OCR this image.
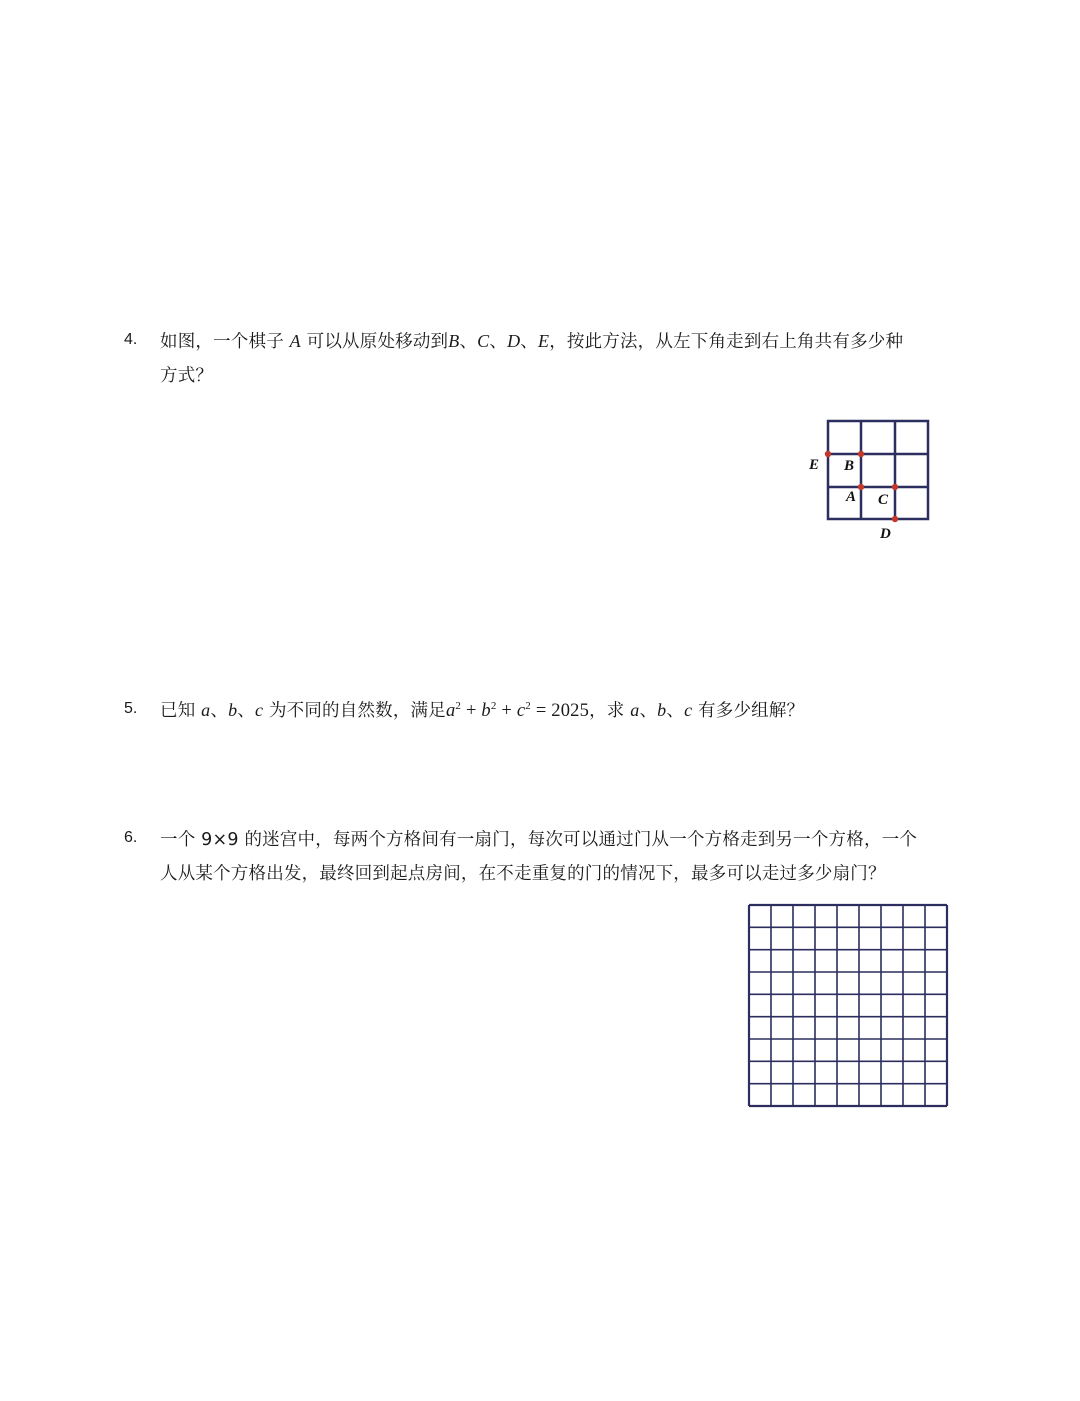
4. 如图，一个棋子 A 可以从原处移动到B、C、D、E，按此方法，从左下角走到右上角共有多少种
方式？
E B
A C
D
5. 已知 a、b、c 为不同的自然数，满足$a^2 + b^2 + c^2 = 2025$，求 a、b、c 有多少组解？
6. 一个 9×9 的迷宫中，每两个方格间有一扇门，每次可以通过门从一个方格走到另一个方格，一个
人从某个方格出发，最终回到起点房间，在不走重复的门的情况下，最多可以走过多少扇门？
